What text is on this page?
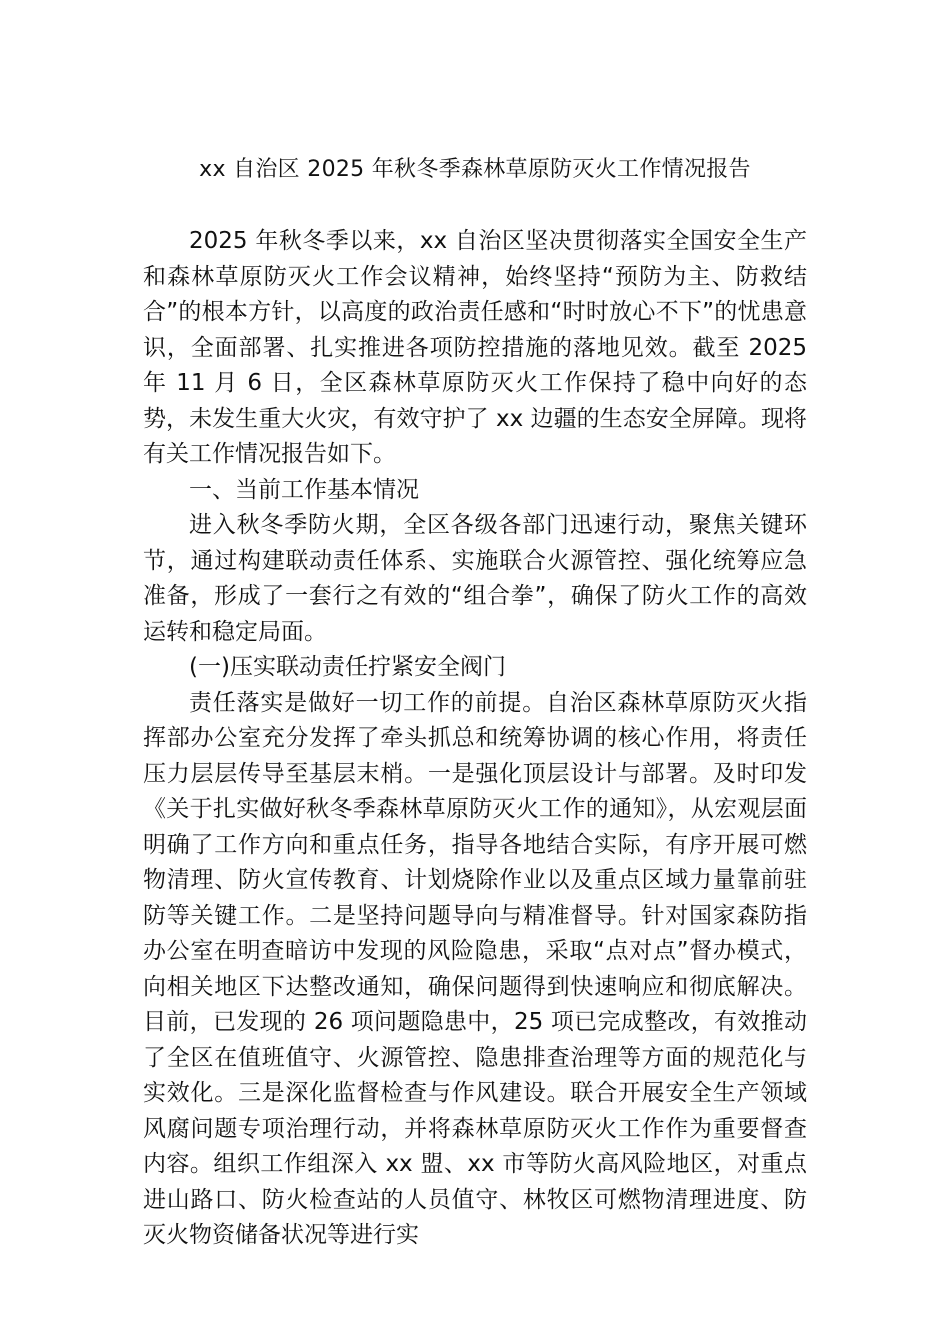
xx 自治区 2025 年秋冬季森林草原防灭火工作情况报告

2025 年秋冬季以来，xx 自治区坚决贯彻落实全国安全生产和森林草原防灭火工作会议精神，始终坚持“预防为主、防救结合”的根本方针，以高度的政治责任感和“时时放心不下”的忧患意识，全面部署、扎实推进各项防控措施的落地见效。截至 2025 年 11 月 6 日，全区森林草原防灭火工作保持了稳中向好的态势，未发生重大火灾，有效守护了 xx 边疆的生态安全屏障。现将有关工作情况报告如下。

一、当前工作基本情况

进入秋冬季防火期，全区各级各部门迅速行动，聚焦关键环节，通过构建联动责任体系、实施联合火源管控、强化统筹应急准备，形成了一套行之有效的“组合拳”，确保了防火工作的高效运转和稳定局面。

(一)压实联动责任拧紧安全阀门

责任落实是做好一切工作的前提。自治区森林草原防灭火指挥部办公室充分发挥了牵头抓总和统筹协调的核心作用，将责任压力层层传导至基层末梢。一是强化顶层设计与部署。及时印发《关于扎实做好秋冬季森林草原防灭火工作的通知》，从宏观层面明确了工作方向和重点任务，指导各地结合实际，有序开展可燃物清理、防火宣传教育、计划烧除作业以及重点区域力量靠前驻防等关键工作。二是坚持问题导向与精准督导。针对国家森防指办公室在明查暗访中发现的风险隐患，采取“点对点”督办模式，向相关地区下达整改通知，确保问题得到快速响应和彻底解决。目前，已发现的 26 项问题隐患中，25 项已完成整改，有效推动了全区在值班值守、火源管控、隐患排查治理等方面的规范化与实效化。三是深化监督检查与作风建设。联合开展安全生产领域风腐问题专项治理行动，并将森林草原防灭火工作作为重要督查内容。组织工作组深入 xx 盟、xx 市等防火高风险地区，对重点进山路口、防火检查站的人员值守、林牧区可燃物清理进度、防灭火物资储备状况等进行实
